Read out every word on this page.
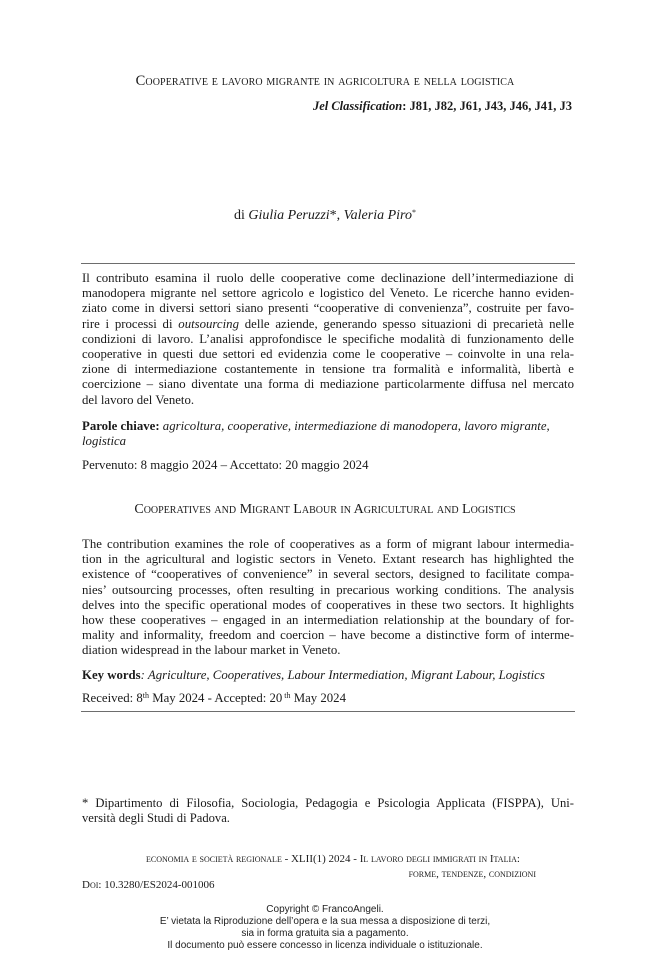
Cooperative e lavoro migrante in agricoltura e nella logistica
Jel Classification: J81, J82, J61, J43, J46, J41, J3
di Giulia Peruzzi*, Valeria Piro*
Il contributo esamina il ruolo delle cooperative come declinazione dell’intermediazione di
manodopera migrante nel settore agricolo e logistico del Veneto. Le ricerche hanno eviden-
ziato come in diversi settori siano presenti “cooperative di convenienza”, costruite per favo-
rire i processi di outsourcing delle aziende, generando spesso situazioni di precarietà nelle
condizioni di lavoro. L’analisi approfondisce le specifiche modalità di funzionamento delle
cooperative in questi due settori ed evidenzia come le cooperative – coinvolte in una rela-
zione di intermediazione costantemente in tensione tra formalità e informalità, libertà e
coercizione – siano diventate una forma di mediazione particolarmente diffusa nel mercato
del lavoro del Veneto.
Parole chiave: agricoltura, cooperative, intermediazione di manodopera, lavoro migrante,
logistica
Pervenuto: 8 maggio 2024 – Accettato: 20 maggio 2024
Cooperatives and Migrant Labour in Agricultural and Logistics
The contribution examines the role of cooperatives as a form of migrant labour intermedia-
tion in the agricultural and logistic sectors in Veneto. Extant research has highlighted the
existence of “cooperatives of convenience” in several sectors, designed to facilitate compa-
nies’ outsourcing processes, often resulting in precarious working conditions. The analysis
delves into the specific operational modes of cooperatives in these two sectors. It highlights
how these cooperatives – engaged in an intermediation relationship at the boundary of for-
mality and informality, freedom and coercion – have become a distinctive form of interme-
diation widespread in the labour market in Veneto.
Key words: Agriculture, Cooperatives, Labour Intermediation, Migrant Labour, Logistics
Received: 8th May 2024 - Accepted: 20 $^{th}$ May 2024
* Dipartimento di Filosofia, Sociologia, Pedagogia e Psicologia Applicata (FISPPA), Uni-
versità degli Studi di Padova.
economia e società regionale - XLII(1) 2024 - Il lavoro degli immigrati in Italia:
forme, tendenze, condizioni
Doi: 10.3280/ES2024-001006
Copyright © FrancoAngeli.
E’ vietata la Riproduzione dell’opera e la sua messa a disposizione di terzi,
sia in forma gratuita sia a pagamento.
Il documento può essere concesso in licenza individuale o istituzionale.
